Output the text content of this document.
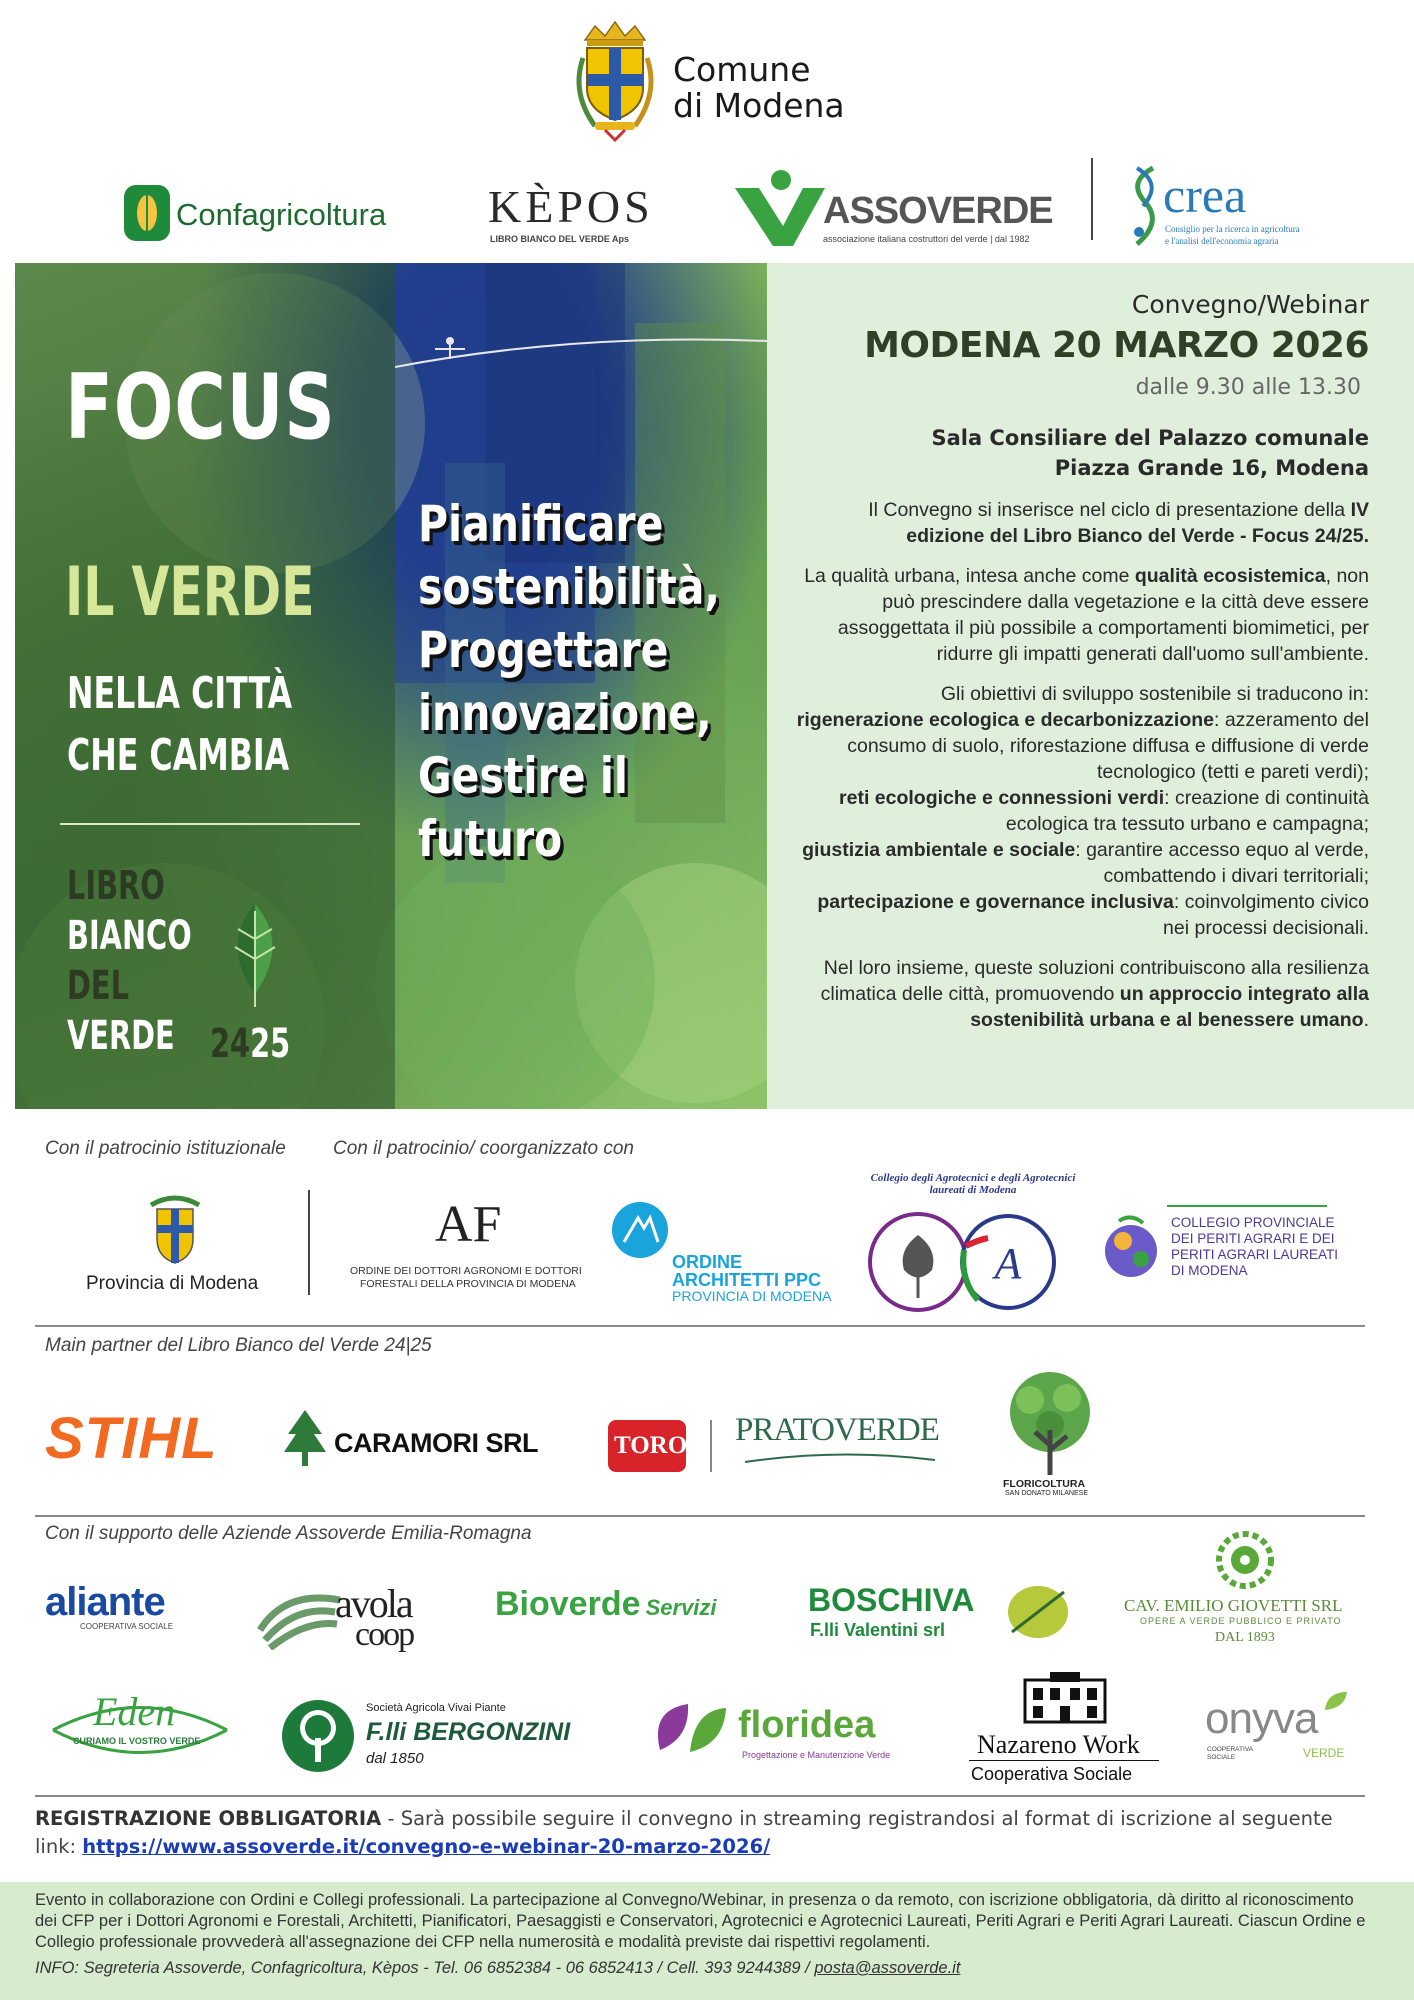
Comune
di Modena
Confagricoltura KÈPOS
LIBRO BIANCO DEL VERDE Aps
ASSOVERDE
associazione italiana costruttori del verde | dal 1982
crea
Consiglio per la ricerca in agricoltura
e l'analisi dell'economia agraria
FOCUS
IL VERDE
NELLA CITTÀ
CHE CAMBIA
LIBRO
BIANCO
DEL
VERDE 2425
Pianificare
sostenibilità,
Progettare
innovazione,
Gestire il
futuro
Convegno/Webinar
MODENA 20 MARZO 2026
dalle 9.30 alle 13.30
Sala Consiliare del Palazzo comunale
Piazza Grande 16, Modena

Il Convegno si inserisce nel ciclo di presentazione della IV edizione del Libro Bianco del Verde - Focus 24/25.

La qualità urbana, intesa anche come qualità ecosistemica, non può prescindere dalla vegetazione e la città deve essere assoggettata il più possibile a comportamenti biomimetici, per ridurre gli impatti generati dall'uomo sull'ambiente.

Gli obiettivi di sviluppo sostenibile si traducono in:
rigenerazione ecologica e decarbonizzazione: azzeramento del consumo di suolo, riforestazione diffusa e diffusione di verde tecnologico (tetti e pareti verdi);
reti ecologiche e connessioni verdi: creazione di continuità ecologica tra tessuto urbano e campagna;
giustizia ambientale e sociale: garantire accesso equo al verde, combattendo i divari territoriali;
partecipazione e governance inclusiva: coinvolgimento civico nei processi decisionali.

Nel loro insieme, queste soluzioni contribuiscono alla resilienza climatica delle città, promuovendo un approccio integrato alla sostenibilità urbana e al benessere umano.

Con il patrocinio istituzionale Con il patrocinio/ coorganizzato con
Provincia di Modena
AF
ORDINE DEI DOTTORI AGRONOMI E DOTTORI
FORESTALI DELLA PROVINCIA DI MODENA
ORDINE
ARCHITETTI PPC
PROVINCIA DI MODENA
Collegio degli Agrotecnici e degli Agrotecnici laureati di Modena
A
COLLEGIO PROVINCIALE
DEI PERITI AGRARI E DEI
PERITI AGRARI LAUREATI
DI MODENA
Main partner del Libro Bianco del Verde 24|25
STIHL	CARAMORI SRL	TORO. PRATOVERDE
FLORICOLTURA
SAN DONATO MILANESE
Con il supporto delle Aziende Assoverde Emilia-Romagna
aliante
COOPERATIVA SOCIALE
avola
coop
Bioverde Servizi	BOSCHIVA
F.lli Valentini srl
CAV. EMILIO GIOVETTI SRL
OPERE A VERDE PUBBLICO E PRIVATO
DAL 1893
Eden
CURIAMO IL VOSTRO VERDE
Società Agricola Vivai Piante
F.lli BERGONZINI
dal 1850
floridea
Progettazione e Manutenzione Verde	Nazareno Work
Cooperativa Sociale
onyva
COOPERATIVA
SOCIALE	VERDE
REGISTRAZIONE OBBLIGATORIA - Sarà possibile seguire il convegno in streaming registrandosi al format di iscrizione al seguente link: https://www.assoverde.it/convegno-e-webinar-20-marzo-2026/
Evento in collaborazione con Ordini e Collegi professionali. La partecipazione al Convegno/Webinar, in presenza o da remoto, con iscrizione obbligatoria, dà diritto al riconoscimento dei CFP per i Dottori Agronomi e Forestali, Architetti, Pianificatori, Paesaggisti e Conservatori, Agrotecnici e Agrotecnici Laureati, Periti Agrari e Periti Agrari Laureati. Ciascun Ordine e Collegio professionale provvederà all'assegnazione dei CFP nella numerosità e modalità previste dai rispettivi regolamenti.
INFO: Segreteria Assoverde, Confagricoltura, Kèpos - Tel. 06 6852384 - 06 6852413 / Cell. 393 9244389 / posta@assoverde.it
